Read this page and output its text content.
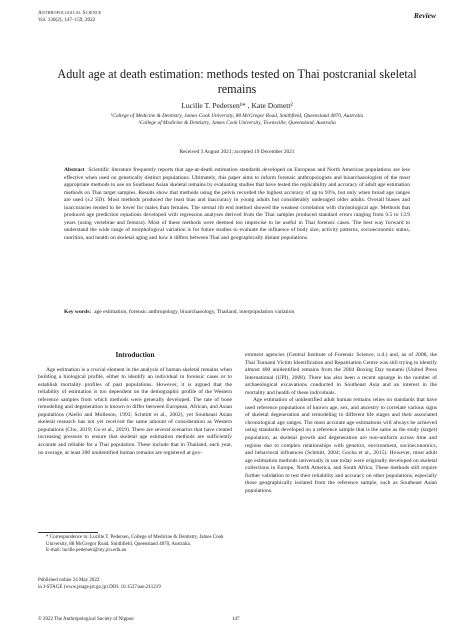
Anthropological Science
Vol. 130(2), 147–159, 2022	Review
Adult age at death estimation: methods tested on Thai postcranial skeletal remains
Lucille T. Pedersen¹* , Kate Domett²
¹College of Medicine & Dentistry, James Cook University, 88 McGregor Road, Smithfield, Queensland 4870, Australia
²College of Medicine & Dentistry, James Cook University, Townsville, Queensland, Australia
Received 3 August 2021; accepted 19 December 2021
Abstract Scientific literature frequently reports that age-at-death estimation standards developed on European and North American populations are less effective when used on genetically distinct populations. Ultimately, this paper aims to inform forensic anthropologists and bioarchaeologists of the most appropriate methods to use on Southeast Asian skeletal remains by evaluating studies that have tested the replicability and accuracy of adult age estimation methods on Thai target samples. Results show that methods using the pelvis recorded the highest accuracy of up to 93%, but only when broad age ranges are used (±2 SD). Most methods produced the least bias and inaccuracy in young adults but considerably underaged older adults. Overall biases and inaccuracies tended to be lower for males than females. The sternal rib end method showed the weakest correlation with chronological age. Methods that produced age prediction equations developed with regression analyses derived from the Thai samples produced standard errors ranging from 9.5 to 13.9 years (using vertebrae and femora). Most of these methods were deemed too imprecise to be useful in Thai forensic cases. The best way forward to understand the wide range of morphological variation is for future studies to evaluate the influence of body size, activity patterns, socioeconomic status, nutrition, and health on skeletal aging and how it differs between Thai and geographically distant populations.
Key words: age estimation, forensic anthropology, bioarchaeology, Thailand, interpopulation variation
Introduction

Age estimation is a crucial element in the analysis of human skeletal remains when building a biological profile, either to identify an individual in forensic cases or to establish mortality profiles of past populations. However, it is argued that the reliability of estimation is too dependent on the demographic profile of the Western reference samples from which methods were generally developed. The rate of bone remodeling and degeneration is known to differ between European, African, and Asian populations (Aiello and Molleson, 1993; Schmitt et al., 2002), yet Southeast Asian skeletal research has not yet received the same amount of consideration as Western populations (Cho, 2019; Go et al., 2019). There are several scenarios that have created increasing pressure to ensure that skeletal age estimation methods are sufficiently accurate and reliable for a Thai population. These include that in Thailand, each year, on average, at least 200 unidentified human remains are registered at gov-

ernment agencies (Central Institute of Forensic Science, n.d.) and, as of 2008, the Thai Tsunami Victim Identification and Repatriation Centre was still trying to identify almost 400 unidentified remains from the 2004 Boxing Day tsunami (United Press International (UPI), 2008). There has also been a recent upsurge in the number of archaeological excavations conducted in Southeast Asia and an interest in the mortality and health of these individuals.

Age estimation of unidentified adult human remains relies on standards that have used reference populations of known age, sex, and ancestry to correlate various signs of skeletal degeneration and remodeling to different life stages and their associated chronological age ranges. The most accurate age estimations will always be achieved using standards developed on a reference sample that is the same as the study (target) population, as skeletal growth and degeneration are non-uniform across time and regions due to complex relationships with genetics, environment, socioeconomics, and behavioral influences (Schmitt, 2004; Gocha et al., 2015). However, most adult age estimation methods universally in use today were originally developed on skeletal collections in Europe, North America, and South Africa. These methods still require further validation to test their reliability and accuracy on other populations, especially those geographically isolated from the reference sample, such as Southeast Asian populations.

* Correspondence to: Lucille T. Pedersen, College of Medicine & Dentistry, James Cook University, 88 McGregor Road, Smithfield, Queensland 4870, Australia.
E-mail: lucille.pedersen@my.jcu.edu.au
Published online 24 May 2022
in J-STAGE (www.jstage.jst.go.jp) DOI: 10.1537/ase.211219
© 2022 The Anthropological Society of Nippon	147
